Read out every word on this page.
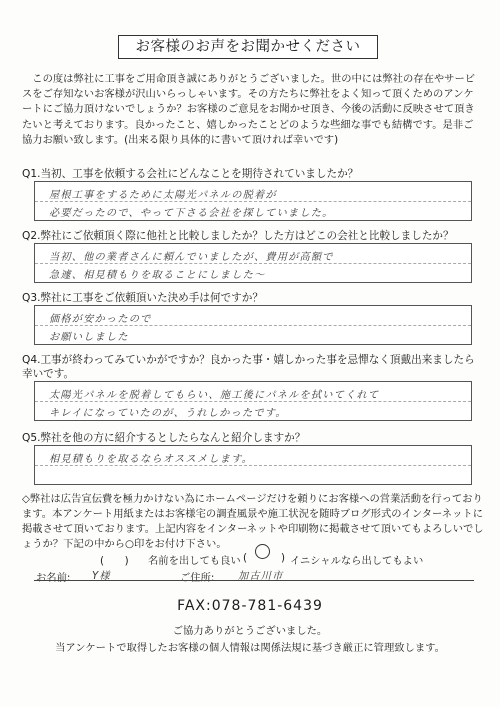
お客様のお声をお聞かせください
この度は弊社に工事をご用命頂き誠にありがとうございました。世の中には弊社の存在やサービスをご存知ないお客様が沢山いらっしゃいます。その方たちに弊社をよく知って頂くためのアンケートにご協力頂けないでしょうか？お客様のご意見をお聞かせ頂き、今後の活動に反映させて頂きたいと考えております。良かったこと、嬉しかったことどのような些細な事でも結構です。是非ご協力お願い致します。(出来る限り具体的に書いて頂ければ幸いです)
Q1.当初、工事を依頼する会社にどんなことを期待されていましたか？
屋根工事をするために太陽光パネルの脱着が
必要だったので、やって下さる会社を探していました。
Q2.弊社にご依頼頂く際に他社と比較しましたか？した方はどこの会社と比較しましたか？
当初、他の業者さんに頼んでいましたが、費用が高額で
急遽、相見積もりを取ることにしました〜
Q3.弊社に工事をご依頼頂いた決め手は何ですか？
価格が安かったので
お願いしました
Q4.工事が終わってみていかがですか？良かった事・嬉しかった事を忌憚なく頂戴出来ましたら幸いです。
太陽光パネルを脱着してもらい、施工後にパネルを拭いてくれて
キレイになっていたのが、うれしかったです。
Q5.弊社を他の方に紹介するとしたらなんと紹介しますか？
相見積もりを取るならオススメします。
◇弊社は広告宣伝費を極力かけない為にホームページだけを頼りにお客様への営業活動を行っております。本アンケート用紙またはお客様宅の調査風景や施工状況を随時ブログ形式のインターネットに掲載させて頂いております。上記内容をインターネットや印刷物に掲載させて頂いてもよろしいでしょうか？下記の中から○印をお付け下さい。
(　　) 名前を出しても良い ( ○ ) イニシャルなら出してもよい
お名前: Y様	ご住所: 加古川市
FAX:078-781-6439
ご協力ありがとうございました。
当アンケートで取得したお客様の個人情報は関係法規に基づき厳正に管理致します。
